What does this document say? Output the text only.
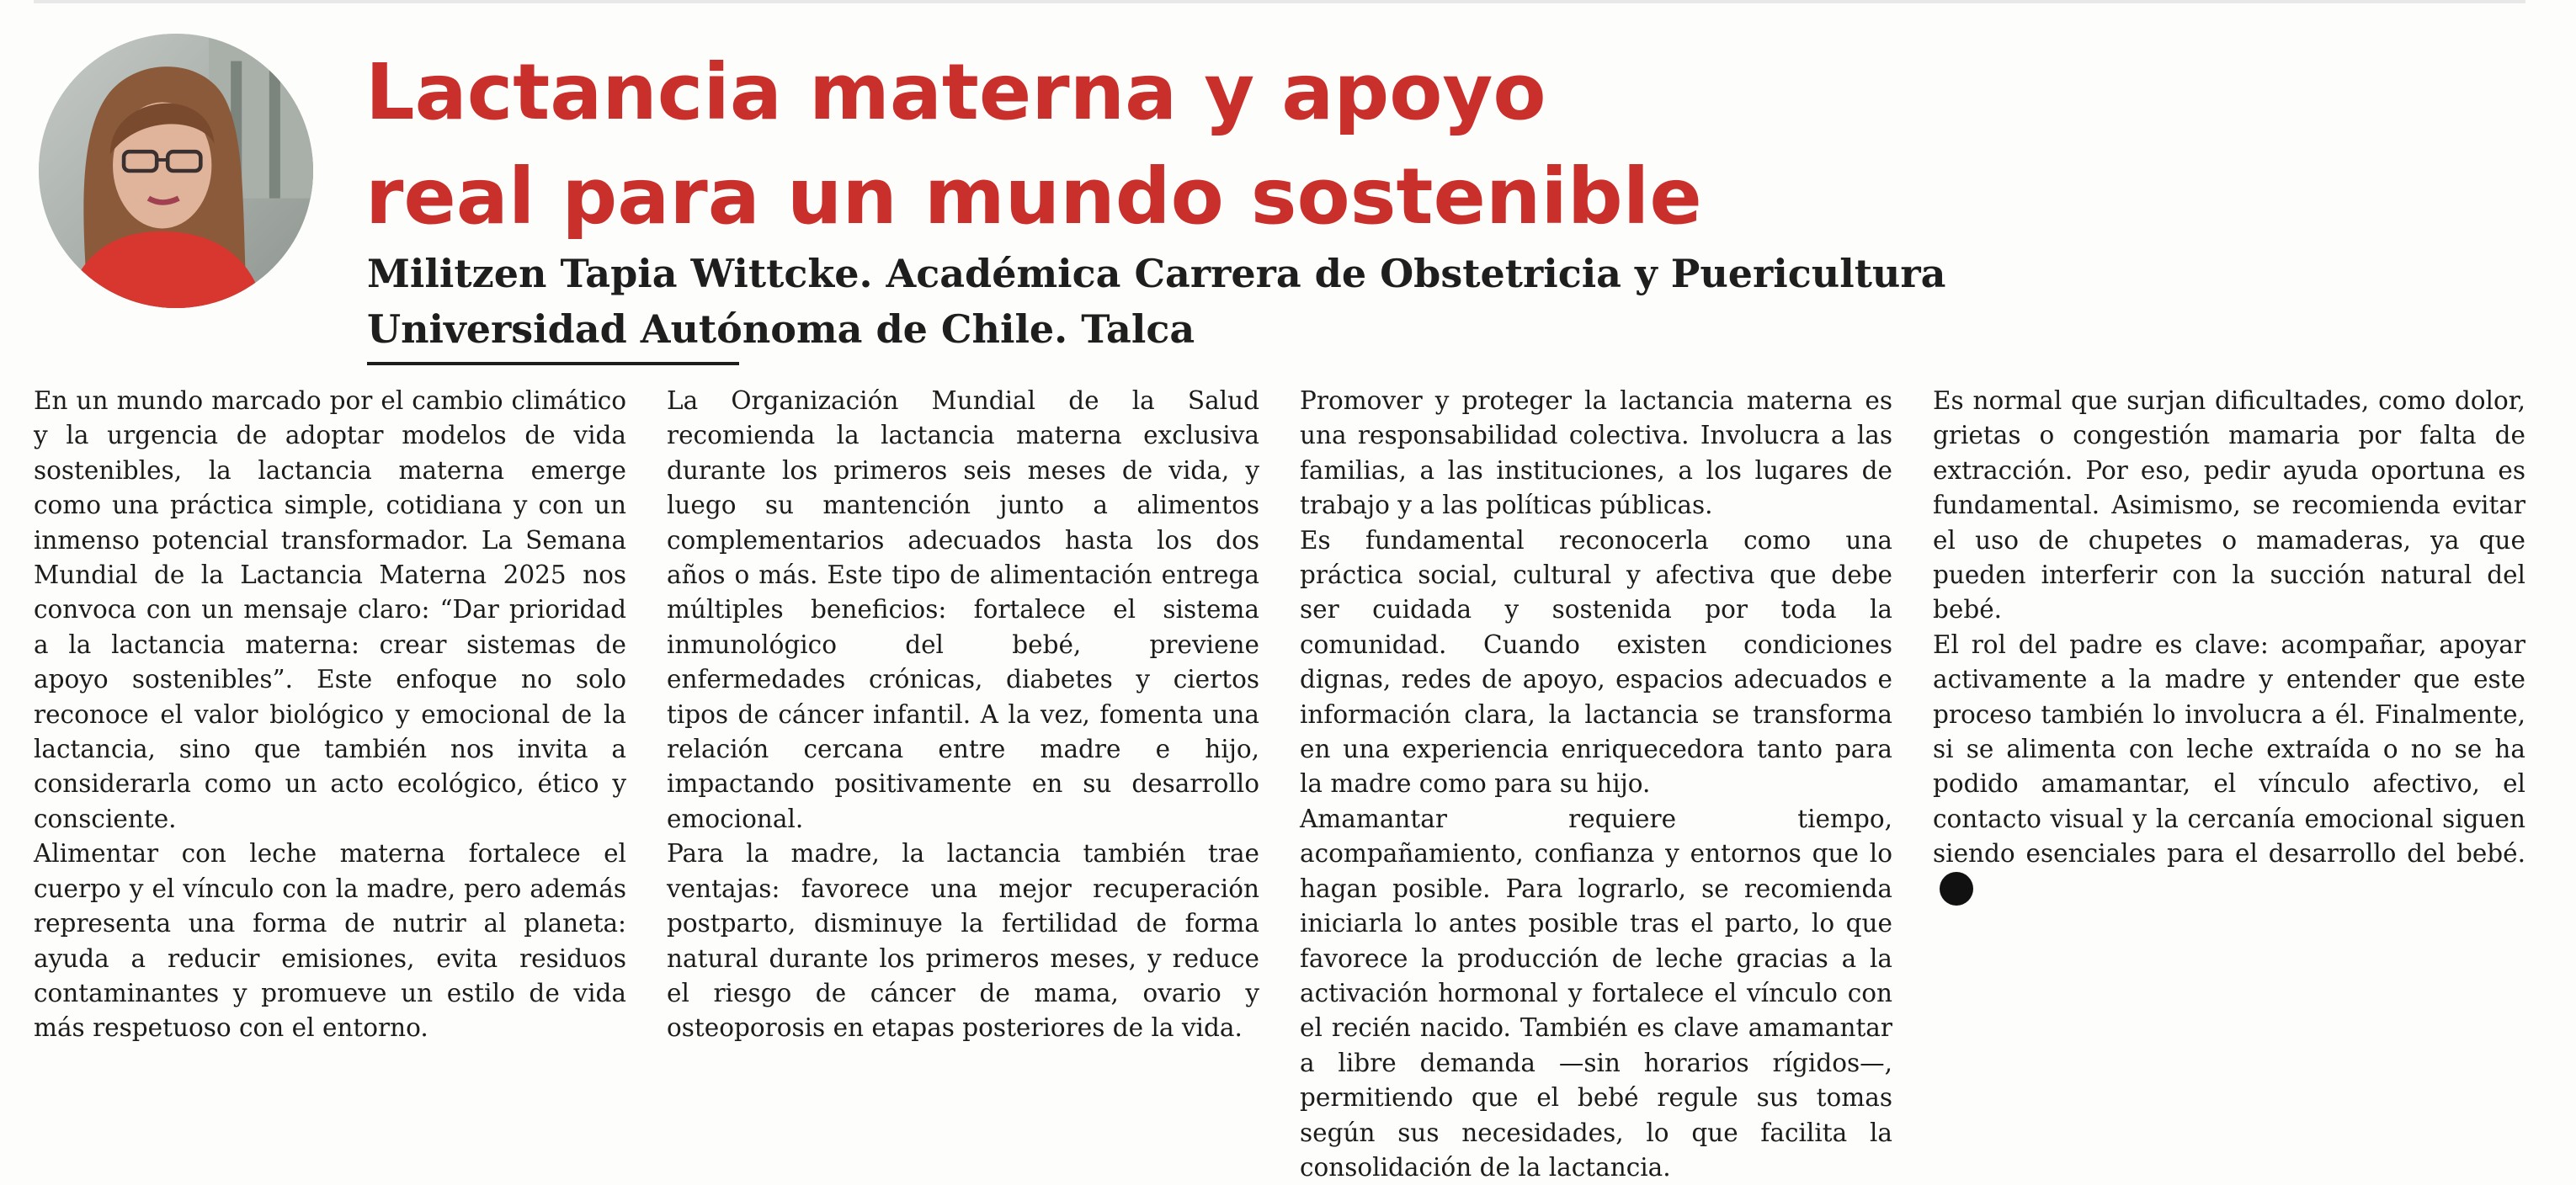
Lactancia materna y apoyo
real para un mundo sostenible
Militzen Tapia Wittcke. Académica Carrera de Obstetricia y Puericultura
Universidad Autónoma de Chile. Talca

En un mundo marcado por el cambio climático y la urgencia de adoptar modelos de vida sostenibles, la lactancia materna emerge como una práctica simple, cotidiana y con un inmenso potencial transformador. La Semana Mundial de la Lactancia Materna 2025 nos convoca con un mensaje claro: “Dar prioridad a la lactancia materna: crear sistemas de apoyo sostenibles”. Este enfoque no solo reconoce el valor biológico y emocional de la lactancia, sino que también nos invita a considerarla como un acto ecológico, ético y consciente.

Alimentar con leche materna fortalece el cuerpo y el vínculo con la madre, pero además representa una forma de nutrir al planeta: ayuda a reducir emisiones, evita residuos contaminantes y promueve un estilo de vida más respetuoso con el entorno.

La Organización Mundial de la Salud recomienda la lactancia materna exclusiva durante los primeros seis meses de vida, y luego su mantención junto a alimentos complementarios adecuados hasta los dos años o más. Este tipo de alimentación entrega múltiples beneficios: fortalece el sistema inmunológico del bebé, previene enfermedades crónicas, diabetes y ciertos tipos de cáncer infantil. A la vez, fomenta una relación cercana entre madre e hijo, impactando positivamente en su desarrollo emocional.

Para la madre, la lactancia también trae ventajas: favorece una mejor recuperación postparto, disminuye la fertilidad de forma natural durante los primeros meses, y reduce el riesgo de cáncer de mama, ovario y osteoporosis en etapas posteriores de la vida.

Promover y proteger la lactancia materna es una responsabilidad colectiva. Involucra a las familias, a las instituciones, a los lugares de trabajo y a las políticas públicas.

Es fundamental reconocerla como una práctica social, cultural y afectiva que debe ser cuidada y sostenida por toda la comunidad. Cuando existen condiciones dignas, redes de apoyo, espacios adecuados e información clara, la lactancia se transforma en una experiencia enriquecedora tanto para la madre como para su hijo.

Amamantar requiere tiempo, acompañamiento, confianza y entornos que lo hagan posible. Para lograrlo, se recomienda iniciarla lo antes posible tras el parto, lo que favorece la producción de leche gracias a la activación hormonal y fortalece el vínculo con el recién nacido. También es clave amamantar a libre demanda —sin horarios rígidos—, permitiendo que el bebé regule sus tomas según sus necesidades, lo que facilita la consolidación de la lactancia.

Es normal que surjan dificultades, como dolor, grietas o congestión mamaria por falta de extracción. Por eso, pedir ayuda oportuna es fundamental. Asimismo, se recomienda evitar el uso de chupetes o mamaderas, ya que pueden interferir con la succión natural del bebé.

El rol del padre es clave: acompañar, apoyar activamente a la madre y entender que este proceso también lo involucra a él. Finalmente, si se alimenta con leche extraída o no se ha podido amamantar, el vínculo afectivo, el contacto visual y la cercanía emocional siguen siendo esenciales para el desarrollo del bebé.
